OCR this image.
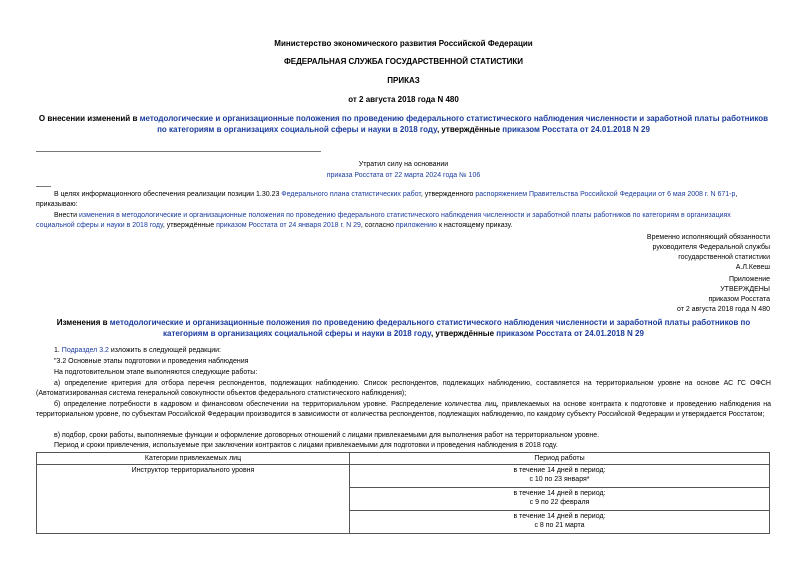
Министерство экономического развития Российской Федерации
ФЕДЕРАЛЬНАЯ СЛУЖБА ГОСУДАРСТВЕННОЙ СТАТИСТИКИ
ПРИКАЗ
от 2 августа 2018 года N 480
О внесении изменений в методологические и организационные положения по проведению федерального статистического наблюдения численности и заработной платы работников по категориям в организациях социальной сферы и науки в 2018 году, утверждённые приказом Росстата от 24.01.2018 N 29
Утратил силу на основании
приказа Росстата от 22 марта 2024 года № 106
В целях информационного обеспечения реализации позиции 1.30.23 Федерального плана статистических работ, утвержденного распоряжением Правительства Российской Федерации от 6 мая 2008 г. N 671-р, приказываю:
Внести изменения в методологические и организационные положения по проведению федерального статистического наблюдения численности и заработной платы работников по категориям в организациях социальной сферы и науки в 2018 году, утверждённые приказом Росстата от 24 января 2018 г. N 29, согласно приложению к настоящему приказу.
Временно исполняющий обязанности
руководителя Федеральной службы
государственной статистики
А.Л.Кевеш
Приложение
УТВЕРЖДЕНЫ
приказом Росстата
от 2 августа 2018 года N 480
Изменения в методологические и организационные положения по проведению федерального статистического наблюдения численности и заработной платы работников по категориям в организациях социальной сферы и науки в 2018 году, утверждённые приказом Росстата от 24.01.2018 N 29
1. Подраздел 3.2 изложить в следующей редакции:
"3.2 Основные этапы подготовки и проведения наблюдения
На подготовительном этапе выполняются следующие работы:
а) определение критерия для отбора перечня респондентов, подлежащих наблюдению. Список респондентов, подлежащих наблюдению, составляется на территориальном уровне на основе АС ГС ОФСН (Автоматизированная система генеральной совокупности объектов федерального статистического наблюдения);
б) определение потребности в кадровом и финансовом обеспечении на территориальном уровне. Распределение количества лиц, привлекаемых на основе контракта к подготовке и проведению наблюдения на территориальном уровне, по субъектам Российской Федерации производится в зависимости от количества респондентов, подлежащих наблюдению, по каждому субъекту Российской Федерации и утверждается Росстатом;
в) подбор, сроки работы, выполняемые функции и оформление договорных отношений с лицами привлекаемыми для выполнения работ на территориальном уровне.
Период и сроки привлечения, используемые при заключении контрактов с лицами привлекаемыми для подготовки и проведения наблюдения в 2018 году.
Категории привлекаемых лиц	Период работы
Инструктор территориального уровня	в течение 14 дней в период:
с 10 по 23 января*

	в течение 14 дней в период:
с 9 по 22 февраля

	в течение 14 дней в период:
с 8 по 21 марта
